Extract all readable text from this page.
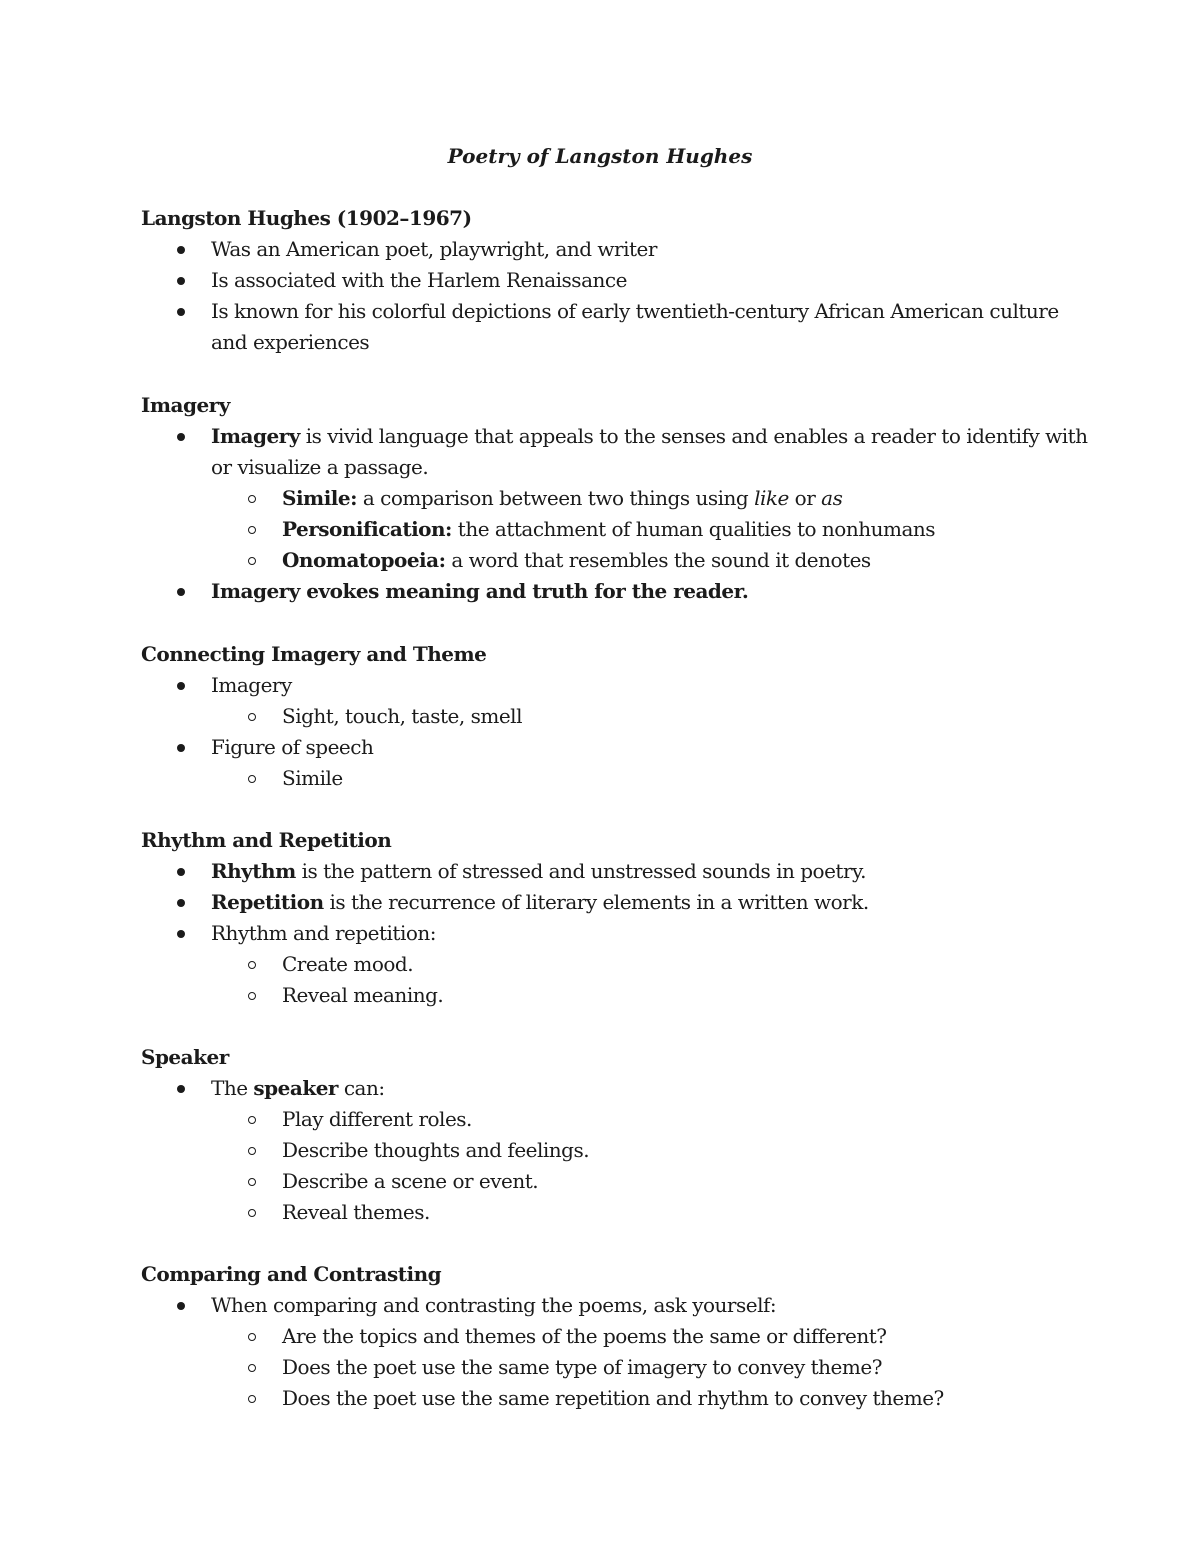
Poetry of Langston Hughes
Langston Hughes (1902–1967)
Was an American poet, playwright, and writer
Is associated with the Harlem Renaissance
Is known for his colorful depictions of early twentieth-century African American culture
and experiences
Imagery
Imagery is vivid language that appeals to the senses and enables a reader to identify with
or visualize a passage.
Simile: a comparison between two things using like or as
Personification: the attachment of human qualities to nonhumans
Onomatopoeia: a word that resembles the sound it denotes
Imagery evokes meaning and truth for the reader.
Connecting Imagery and Theme
Imagery
Sight, touch, taste, smell
Figure of speech
Simile
Rhythm and Repetition
Rhythm is the pattern of stressed and unstressed sounds in poetry.
Repetition is the recurrence of literary elements in a written work.
Rhythm and repetition:
Create mood.
Reveal meaning.
Speaker
The speaker can:
Play different roles.
Describe thoughts and feelings.
Describe a scene or event.
Reveal themes.
Comparing and Contrasting
When comparing and contrasting the poems, ask yourself:
Are the topics and themes of the poems the same or different?
Does the poet use the same type of imagery to convey theme?
Does the poet use the same repetition and rhythm to convey theme?
